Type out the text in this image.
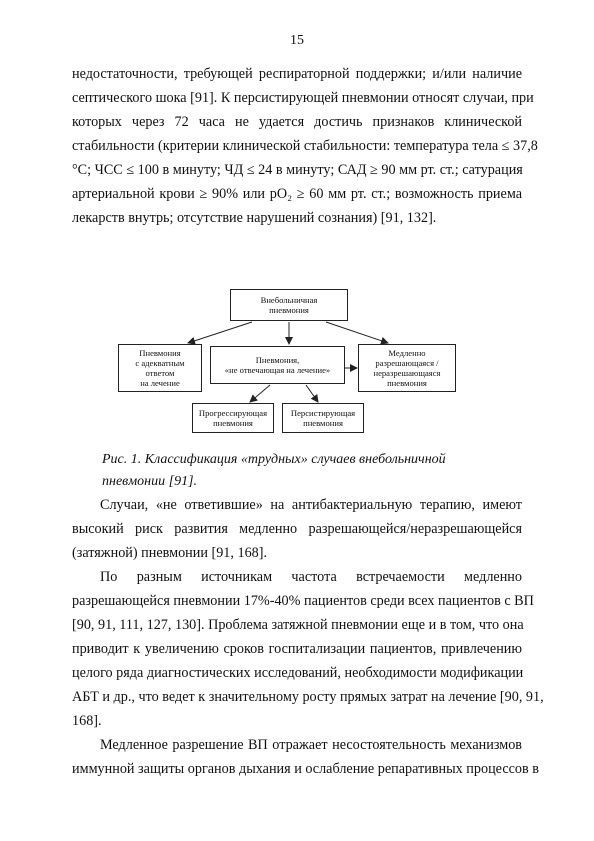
15
недостаточности, требующей респираторной поддержки; и/или наличие
септического шока [91]. К персистирующей пневмонии относят случаи, при
которых через 72 часа не удается достичь признаков клинической
стабильности (критерии клинической стабильности: температура тела ≤ 37,8
°С; ЧСС ≤ 100 в минуту; ЧД ≤ 24 в минуту; САД ≥ 90 мм рт. ст.; сатурация
артериальной крови ≥ 90% или pO₂ ≥ 60 мм рт. ст.; возможность приема
лекарств внутрь; отсутствие нарушений сознания) [91, 132].
Внебольничная
пневмония
Пневмония
с адекватным
ответом
на лечение
Пневмония,
«не отвечающая на лечение»
Медленно
разрешающаяся /
неразрешающаяся
пневмония
Прогрессирующая
пневмония
Персистирующая
пневмония
Рис. 1. Классификация «трудных» случаев внебольничной
пневмонии [91].
Случаи, «не ответившие» на антибактериальную терапию, имеют
высокий риск развития медленно разрешающейся/неразрешающейся
(затяжной) пневмонии [91, 168].
По разным источникам частота встречаемости медленно
разрешающейся пневмонии 17%-40% пациентов среди всех пациентов с ВП
[90, 91, 111, 127, 130]. Проблема затяжной пневмонии еще и в том, что она
приводит к увеличению сроков госпитализации пациентов, привлечению
целого ряда диагностических исследований, необходимости модификации
АБТ и др., что ведет к значительному росту прямых затрат на лечение [90, 91,
168].
Медленное разрешение ВП отражает несостоятельность механизмов
иммунной защиты органов дыхания и ослабление репаративных процессов в
